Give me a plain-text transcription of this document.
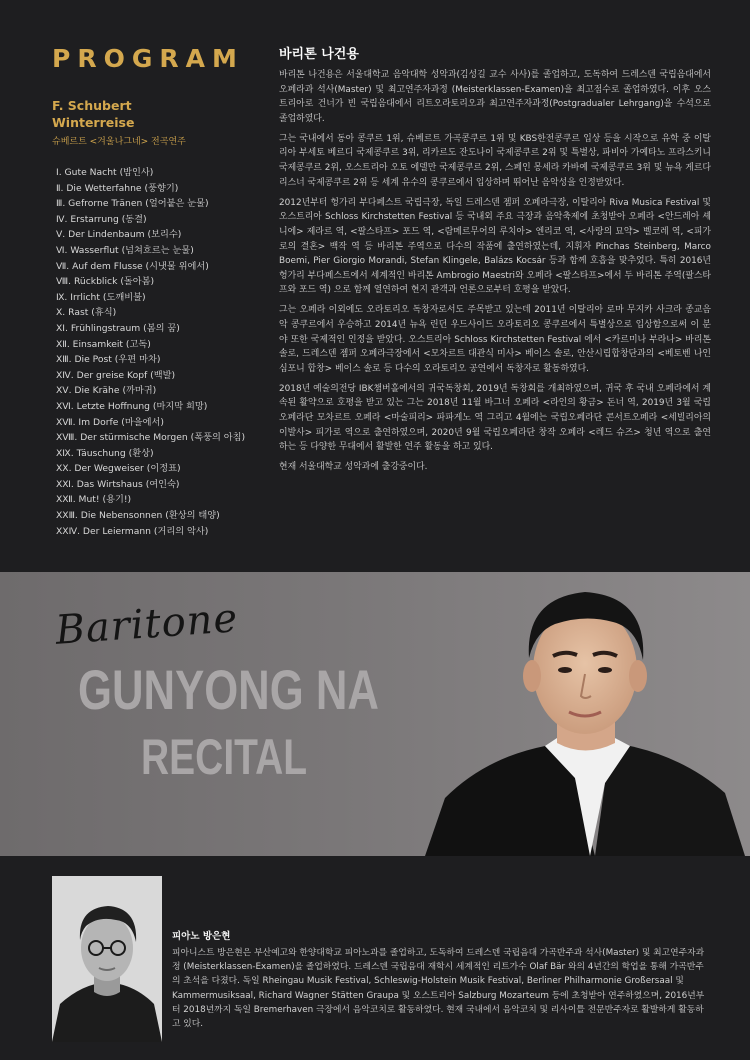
PROGRAM
F. Schubert
Winterreise
슈베르트 <겨울나그네> 전곡연주
Ⅰ. Gute Nacht (밤인사)
Ⅱ. Die Wetterfahne (풍향기)
Ⅲ. Gefrorne Tränen (얼어붙은 눈물)
Ⅳ. Erstarrung (동결)
Ⅴ. Der Lindenbaum (보리수)
Ⅵ. Wasserflut (넘쳐흐르는 눈물)
Ⅶ. Auf dem Flusse (시냇물 위에서)
Ⅷ. Rückblick (돌아봄)
Ⅸ. Irrlicht (도깨비불)
Ⅹ. Rast (휴식)
ⅩⅠ. Frühlingstraum (봄의 꿈)
ⅩⅡ. Einsamkeit (고독)
ⅩⅢ. Die Post (우편 마차)
ⅩⅣ. Der greise Kopf (백발)
ⅩⅤ. Die Krähe (까마귀)
ⅩⅥ. Letzte Hoffnung (마지막 희망)
ⅩⅦ. Im Dorfe (마을에서)
ⅩⅧ. Der stürmische Morgen (폭풍의 아침)
ⅩⅨ. Täuschung (환상)
ⅩⅩ. Der Wegweiser (이정표)
ⅩⅪ. Das Wirtshaus (여인숙)
ⅩⅫ. Mut! (용기!)
ⅩⅩⅢ. Die Nebensonnen (환상의 태양)
ⅩⅩⅣ. Der Leiermann (거리의 악사)
바리톤 나건용

바리톤 나건용은 서울대학교 음악대학 성악과(김성길 교수 사사)를 졸업하고, 도독하여 드레스덴 국립음대에서 오페라과 석사(Master) 및 최고연주자과정 (Meisterklassen-Examen)을 최고점수로 졸업하였다. 이후 오스트리아로 건너가 빈 국립음대에서 리트오라토리오과 최고연주자과정(Postgradualer Lehrgang)을 수석으로 졸업하였다.

그는 국내에서 동아 콩쿠르 1위, 슈베르트 가곡콩쿠르 1위 및 KBS한전콩쿠르 입상 등을 시작으로 유학 중 이탈리아 부세토 베르디 국제콩쿠르 3위, 리카르도 잔도나이 국제콩쿠르 2위 및 특별상, 파비아 가예타노 프라스키니 국제콩쿠르 2위, 오스트리아 오토 에델만 국제콩쿠르 2위, 스페인 몽세라 카바예 국제콩쿠르 3위 및 뉴욕 게르다 리스너 국제콩쿠르 2위 등 세계 유수의 콩쿠르에서 입상하며 뛰어난 음악성을 인정받았다.

2012년부터 헝가리 부다페스트 국립극장, 독일 드레스덴 젬퍼 오페라극장, 이탈리아 Riva Musica Festival 및 오스트리아 Schloss Kirchstetten Festival 등 국내외 주요 극장과 음악축제에 초청받아 오페라 <안드레아 셰니에> 제라르 역, <팔스타프> 포드 역, <람메르무어의 루치아> 엔리코 역, <사랑의 묘약> 벨코레 역, <피가로의 결혼> 백작 역 등 바리톤 주역으로 다수의 작품에 출연하였는데, 지휘자 Pinchas Steinberg, Marco Boemi, Pier Giorgio Morandi, Stefan Klingele, Balázs Kocsár 등과 함께 호흡을 맞추었다. 특히 2016년 헝가리 부다페스트에서 세계적인 바리톤 Ambrogio Maestri와 오페라 <팔스타프>에서 두 바리톤 주역(팔스타프와 포드 역) 으로 함께 열연하여 현지 관객과 언론으로부터 호평을 받았다.

그는 오페라 이외에도 오라토리오 독창자로서도 주목받고 있는데 2011년 이탈리아 로마 무지카 사크라 종교음악 콩쿠르에서 우승하고 2014년 뉴욕 린던 우드사이드 오라토리오 콩쿠르에서 특별상으로 입상함으로써 이 분야 또한 국제적인 인정을 받았다. 오스트리아 Schloss Kirchstetten Festival 에서 <카르미나 부라나> 바리톤 솔로, 드레스덴 젬퍼 오페라극장에서 <모차르트 대관식 미사> 베이스 솔로, 안산시립합창단과의 <베토벤 나인 심포니 합창> 베이스 솔로 등 다수의 오라토리오 공연에서 독창자로 활동하였다.

2018년 예술의전당 IBK챔버홀에서의 귀국독창회, 2019년 독창회를 개최하였으며, 귀국 후 국내 오페라에서 계속된 활약으로 호평을 받고 있는 그는 2018년 11월 바그너 오페라 <라인의 황금> 돈너 역, 2019년 3월 국립오페라단 모차르트 오페라 <마술피리> 파파게노 역 그리고 4월에는 국립오페라단 콘서트오페라 <세빌리아의 이발사> 피가로 역으로 출연하였으며, 2020년 9월 국립오페라단 창작 오페라 <레드 슈즈> 청년 역으로 출연하는 등 다양한 무대에서 활발한 연주 활동을 하고 있다.

현재 서울대학교 성악과에 출강중이다.

Baritone
GUNYONG NA
RECITAL
피아노 방은현

피아니스트 방은현은 부산예고와 한양대학교 피아노과를 졸업하고, 도독하여 드레스덴 국립음대 가곡반주과 석사(Master) 및 최고연주자과정 (Meisterklassen-Examen)을 졸업하였다. 드레스덴 국립음대 재학시 세계적인 리트가수 Olaf Bär 와의 4년간의 학업을 통해 가곡반주의 초석을 다졌다. 독일 Rheingau Musik Festival, Schleswig-Holstein Musik Festival, Berliner Philharmonie Großersaal 및 Kammermusiksaal, Richard Wagner Stätten Graupa 및 오스트리아 Salzburg Mozarteum 등에 초청받아 연주하였으며, 2016년부터 2018년까지 독일 Bremerhaven 극장에서 음악코치로 활동하였다. 현재 국내에서 음악코치 및 리사이틀 전문반주자로 활발하게 활동하고 있다.
